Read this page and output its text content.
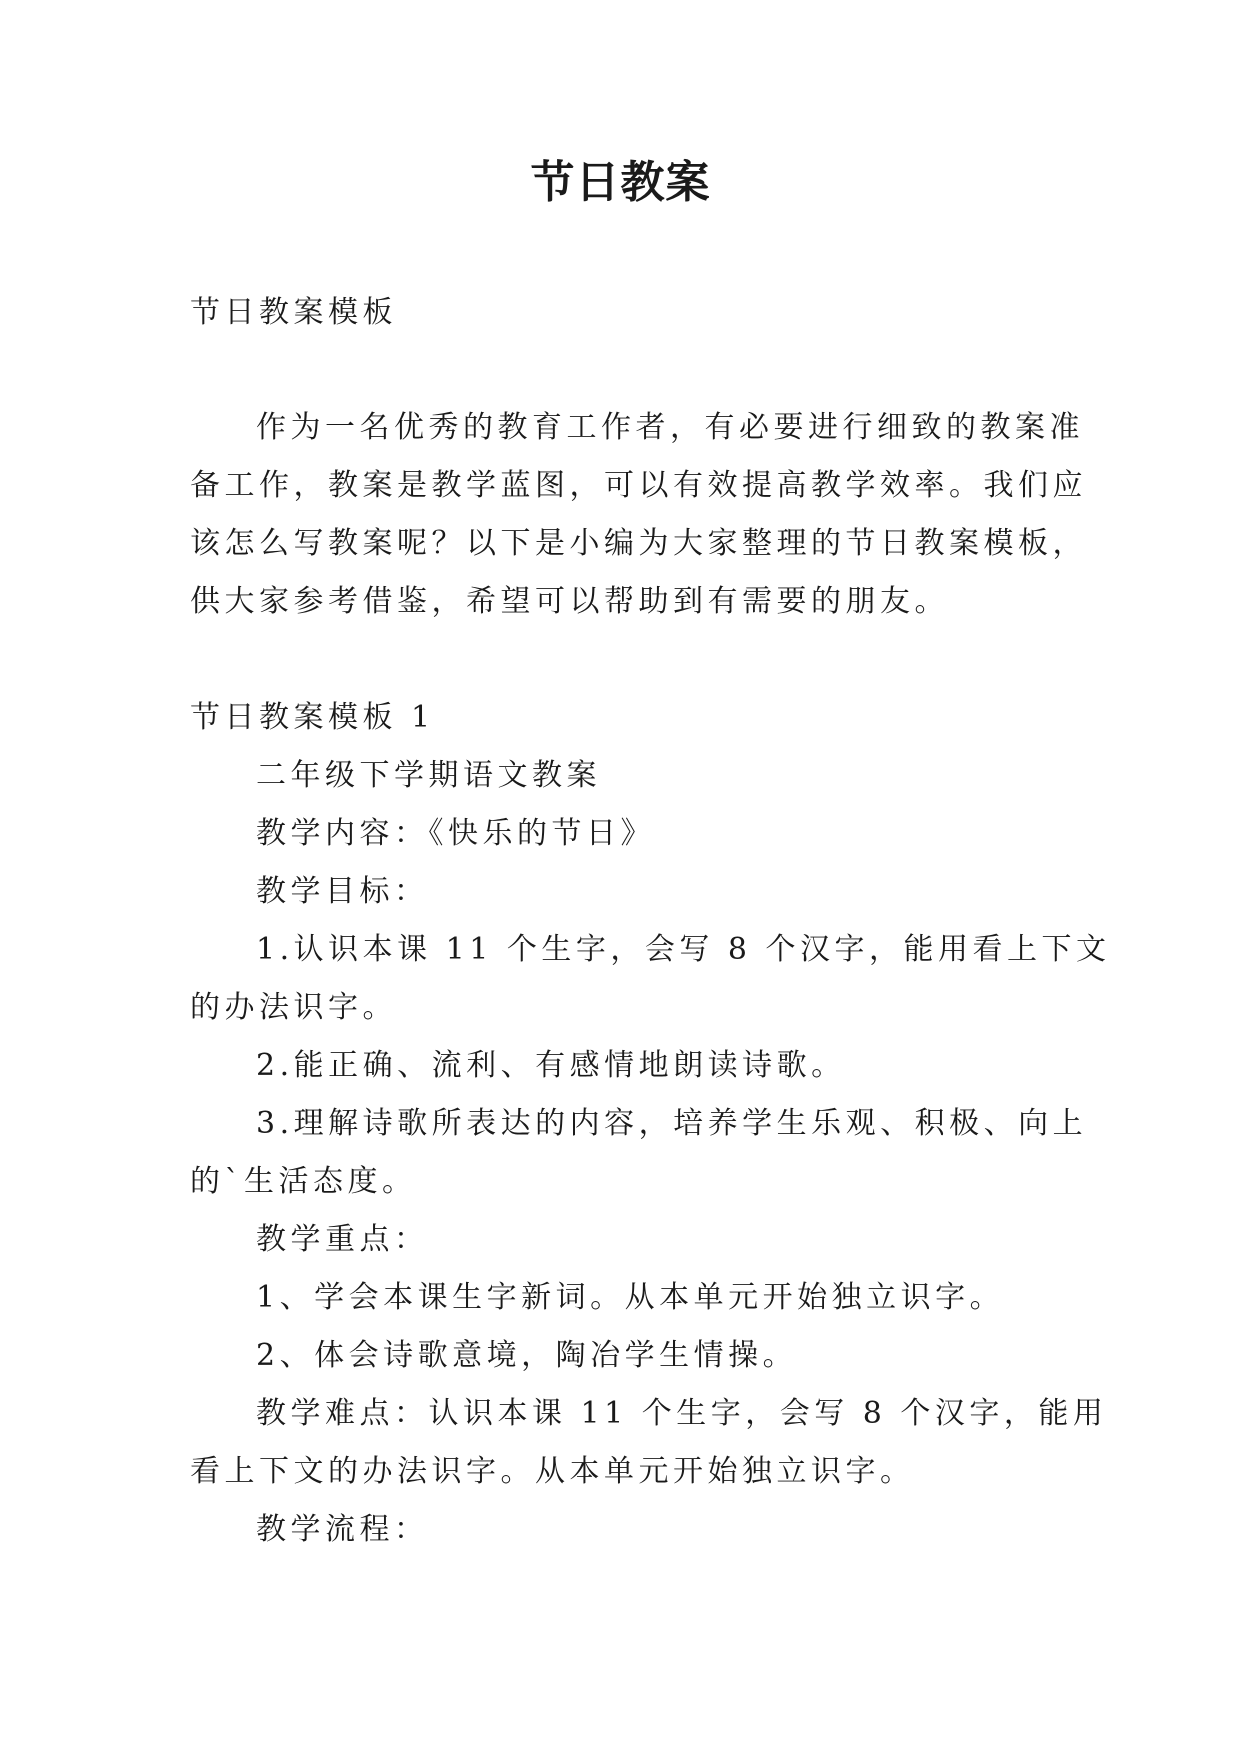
节日教案
节日教案模板
作为一名优秀的教育工作者，有必要进行细致的教案准
备工作，教案是教学蓝图，可以有效提高教学效率。我们应
该怎么写教案呢？以下是小编为大家整理的节日教案模板，
供大家参考借鉴，希望可以帮助到有需要的朋友。
节日教案模板 1
二年级下学期语文教案
教学内容：《快乐的节日》
教学目标：
1.认识本课 11 个生字，会写 8 个汉字，能用看上下文
的办法识字。
2.能正确、流利、有感情地朗读诗歌。
3.理解诗歌所表达的内容，培养学生乐观、积极、向上
的`生活态度。
教学重点：
1、学会本课生字新词。从本单元开始独立识字。
2、体会诗歌意境，陶冶学生情操。
教学难点：认识本课 11 个生字，会写 8 个汉字，能用
看上下文的办法识字。从本单元开始独立识字。
教学流程：
